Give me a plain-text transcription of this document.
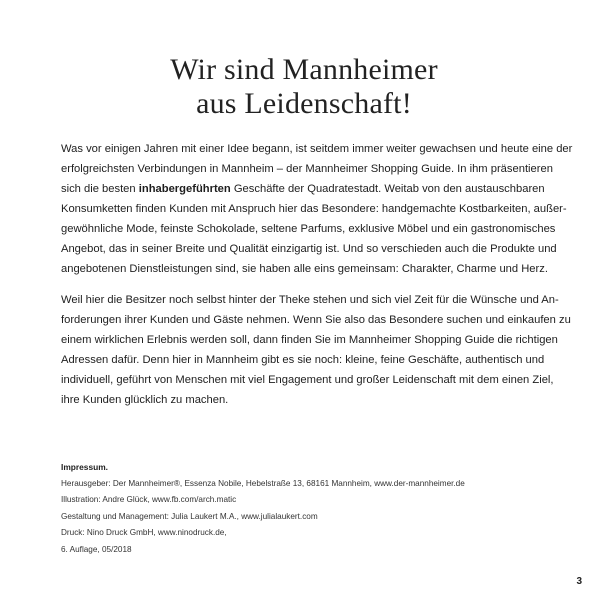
Wir sind Mannheimer
aus Leidenschaft!
Was vor einigen Jahren mit einer Idee begann, ist seitdem immer weiter gewachsen und heute eine der
erfolgreichsten Verbindungen in Mannheim – der Mannheimer Shopping Guide. In ihm präsentieren
sich die besten inhabergeführten Geschäfte der Quadratestadt. Weitab von den austauschbaren
Konsumketten finden Kunden mit Anspruch hier das Besondere: handgemachte Kostbarkeiten, außer-
gewöhnliche Mode, feinste Schokolade, seltene Parfums, exklusive Möbel und ein gastronomisches
Angebot, das in seiner Breite und Qualität einzigartig ist. Und so verschieden auch die Produkte und
angebotenen Dienstleistungen sind, sie haben alle eins gemeinsam: Charakter, Charme und Herz.
Weil hier die Besitzer noch selbst hinter der Theke stehen und sich viel Zeit für die Wünsche und An-
forderungen ihrer Kunden und Gäste nehmen. Wenn Sie also das Besondere suchen und einkaufen zu
einem wirklichen Erlebnis werden soll, dann finden Sie im Mannheimer Shopping Guide die richtigen
Adressen dafür. Denn hier in Mannheim gibt es sie noch: kleine, feine Geschäfte, authentisch und
individuell, geführt von Menschen mit viel Engagement und großer Leidenschaft mit dem einen Ziel,
ihre Kunden glücklich zu machen.
Impressum.
Herausgeber: Der Mannheimer®, Essenza Nobile, Hebelstraße 13, 68161 Mannheim, www.der-mannheimer.de
Illustration: Andre Glück, www.fb.com/arch.matic
Gestaltung und Management: Julia Laukert M.A., www.julialaukert.com
Druck: Nino Druck GmbH, www.ninodruck.de,
6. Auflage, 05/2018
3
